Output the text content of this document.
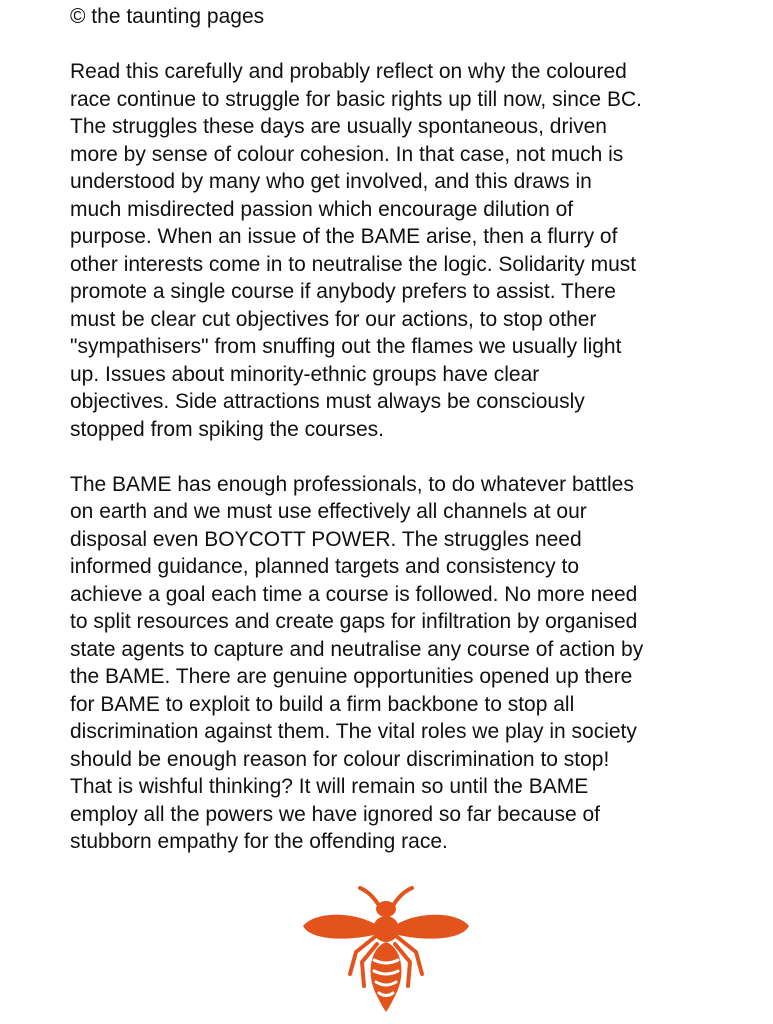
© the taunting pages

Read this carefully and probably reflect on why the coloured
race continue to struggle for basic rights up till now, since BC.
The struggles these days are usually spontaneous, driven
more by sense of colour cohesion. In that case, not much is
understood by many who get involved, and this draws in
much misdirected passion which encourage dilution of
purpose. When an issue of the BAME arise, then a flurry of
other interests come in to neutralise the logic. Solidarity must
promote a single course if anybody prefers to assist. There
must be clear cut objectives for our actions, to stop other
"sympathisers" from snuffing out the flames we usually light
up. Issues about minority-ethnic groups have clear
objectives. Side attractions must always be consciously
stopped from spiking the courses.

The BAME has enough professionals, to do whatever battles
on earth and we must use effectively all channels at our
disposal even BOYCOTT POWER. The struggles need
informed guidance, planned targets and consistency to
achieve a goal each time a course is followed. No more need
to split resources and create gaps for infiltration by organised
state agents to capture and neutralise any course of action by
the BAME. There are genuine opportunities opened up there
for BAME to exploit to build a firm backbone to stop all
discrimination against them. The vital roles we play in society
should be enough reason for colour discrimination to stop!
That is wishful thinking? It will remain so until the BAME
employ all the powers we have ignored so far because of
stubborn empathy for the offending race.
